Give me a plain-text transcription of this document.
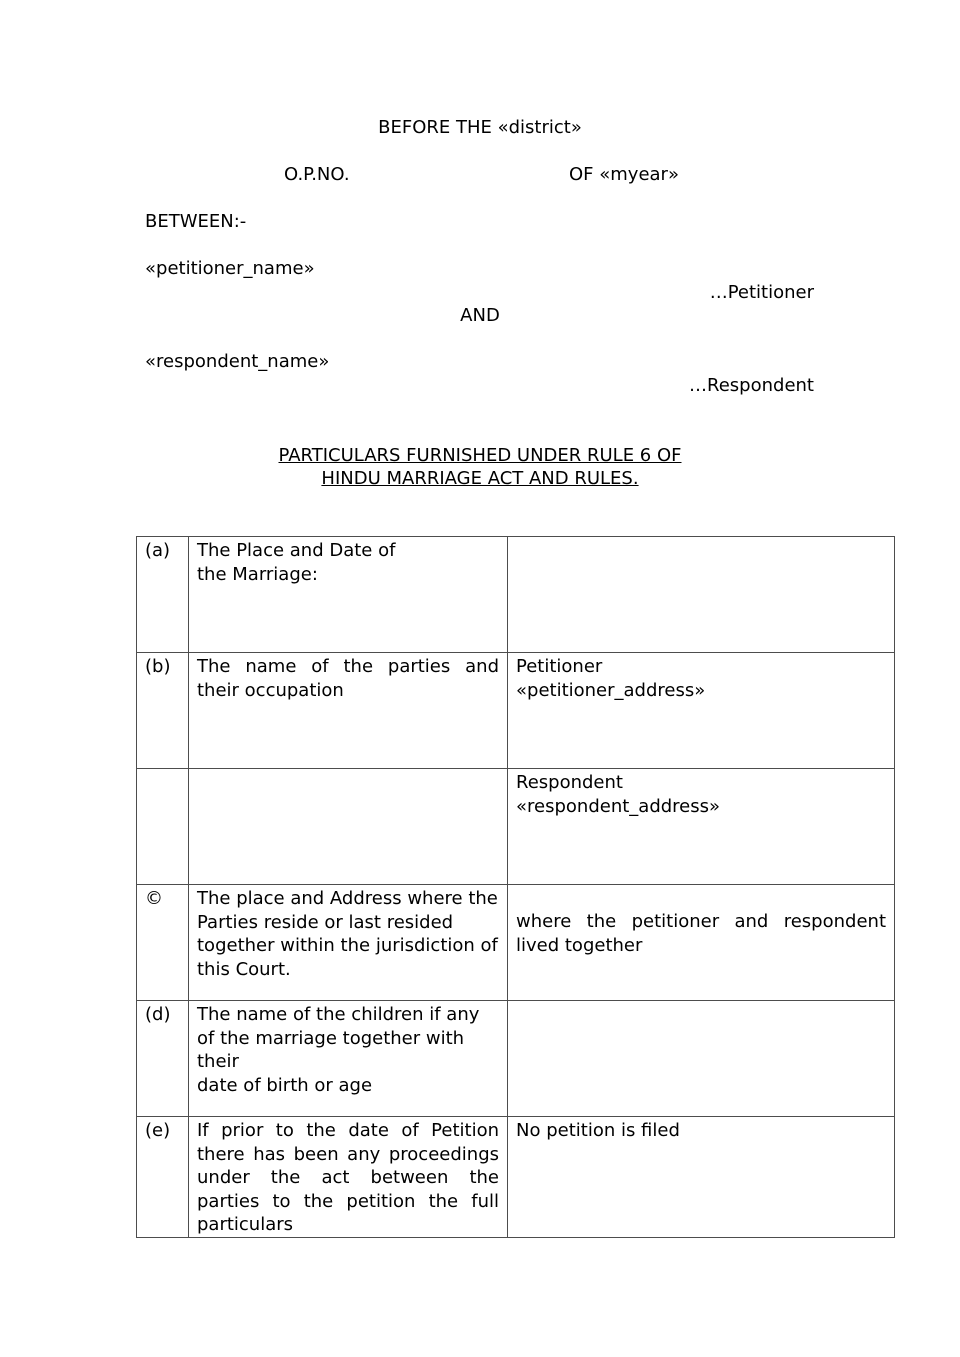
BEFORE THE «district»

O.P.NO.	OF «myear»

BETWEEN:-

«petitioner_name»

…Petitioner

AND

«respondent_name»

…Respondent

PARTICULARS FURNISHED UNDER RULE 6 OF

HINDU MARRIAGE ACT AND RULES.

(a)	The Place and Date of the Marriage:	

(b)	The name of the parties and their occupation	Petitioner
«petitioner_address»

		Respondent
«respondent_address»

©	The place and Address where the
Parties reside or last resided
together within the jurisdiction of
this Court.	where the petitioner and respondent lived together
(d)	The name of the children if any
of the marriage together with their
date of birth or age	

(e)	If prior to the date of Petition there has been any proceedings under the act between the parties to the petition the full particulars	No petition is filed
